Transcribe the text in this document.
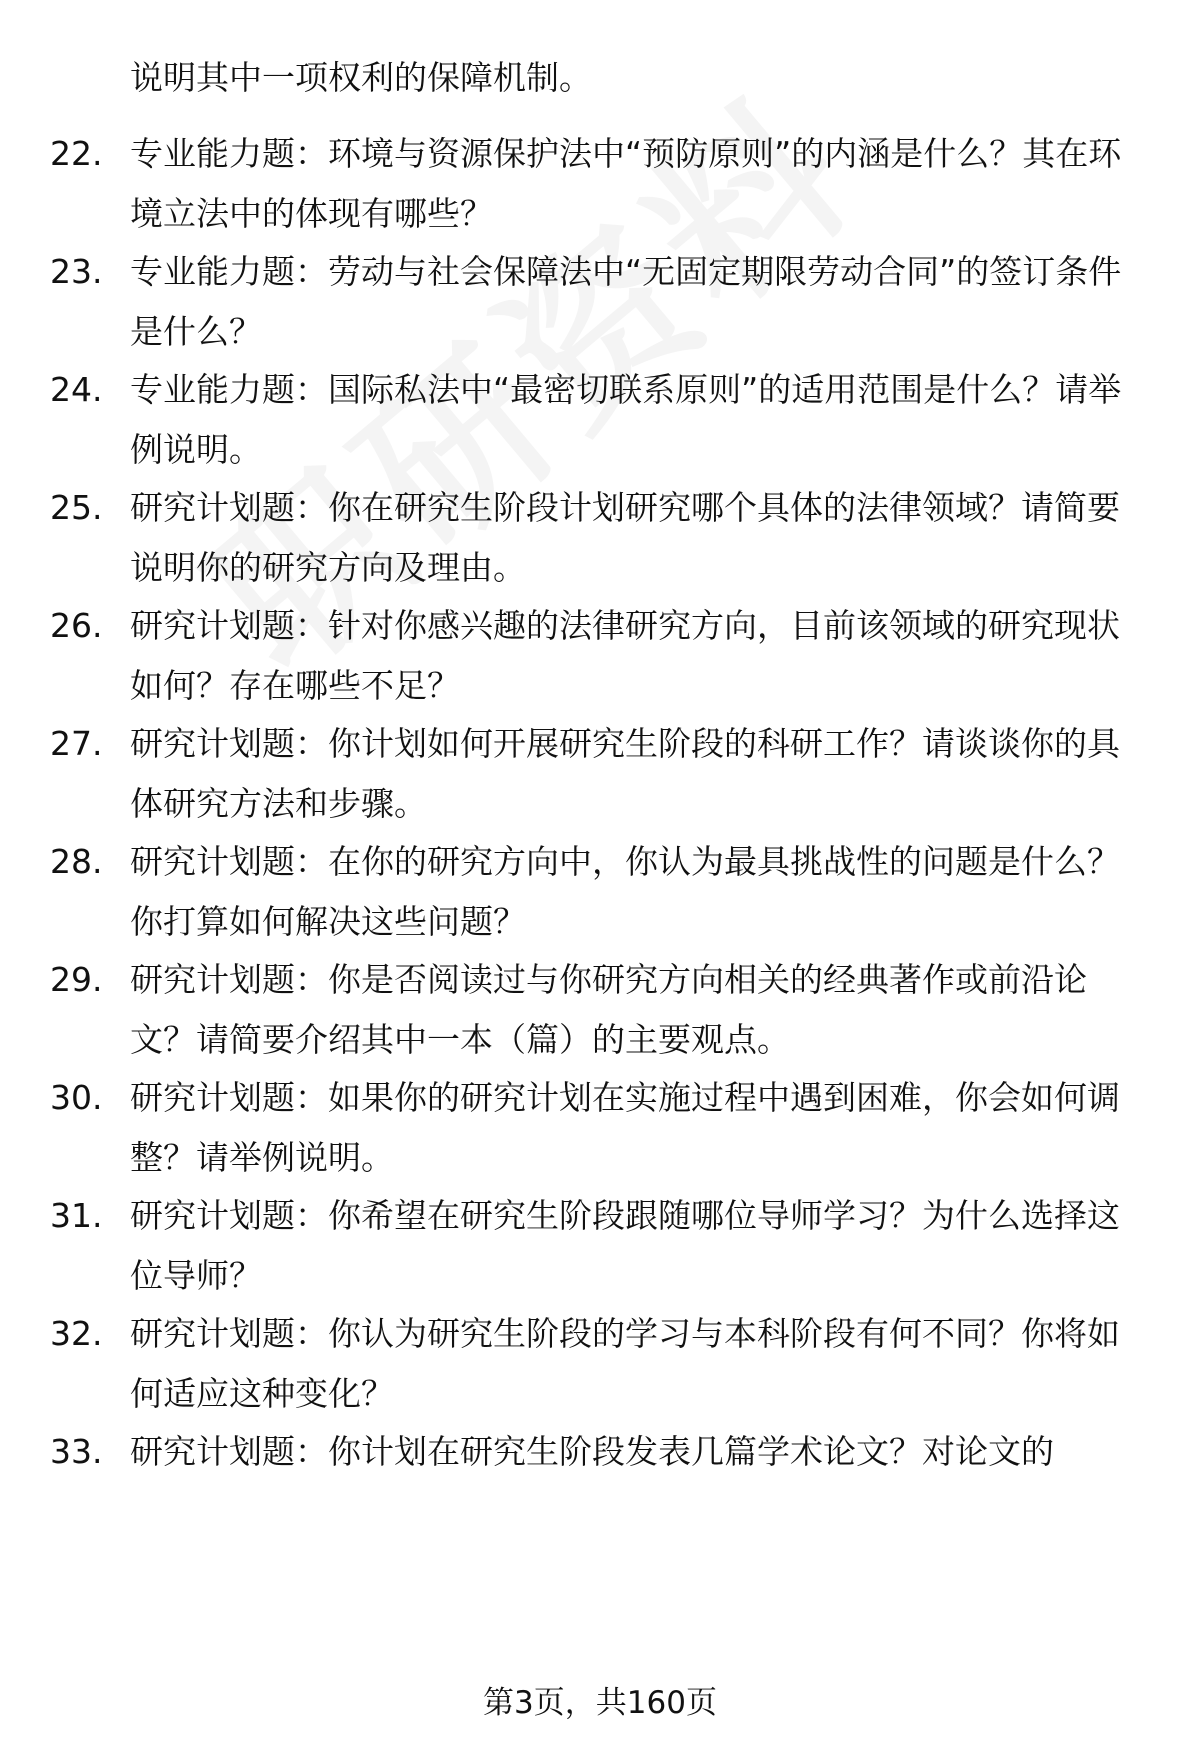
说明其中一项权利的保障机制。
22. 专业能力题：环境与资源保护法中“预防原则”的内涵是什么？其在环境立法中的体现有哪些？
23. 专业能力题：劳动与社会保障法中“无固定期限劳动合同”的签订条件是什么？
24. 专业能力题：国际私法中“最密切联系原则”的适用范围是什么？请举例说明。
25. 研究计划题：你在研究生阶段计划研究哪个具体的法律领域？请简要说明你的研究方向及理由。
26. 研究计划题：针对你感兴趣的法律研究方向，目前该领域的研究现状如何？存在哪些不足？
27. 研究计划题：你计划如何开展研究生阶段的科研工作？请谈谈你的具体研究方法和步骤。
28. 研究计划题：在你的研究方向中，你认为最具挑战性的问题是什么？你打算如何解决这些问题？
29. 研究计划题：你是否阅读过与你研究方向相关的经典著作或前沿论文？请简要介绍其中一本（篇）的主要观点。
30. 研究计划题：如果你的研究计划在实施过程中遇到困难，你会如何调整？请举例说明。
31. 研究计划题：你希望在研究生阶段跟随哪位导师学习？为什么选择这位导师？
32. 研究计划题：你认为研究生阶段的学习与本科阶段有何不同？你将如何适应这种变化？
33. 研究计划题：你计划在研究生阶段发表几篇学术论文？对论文的
第3页，共160页
